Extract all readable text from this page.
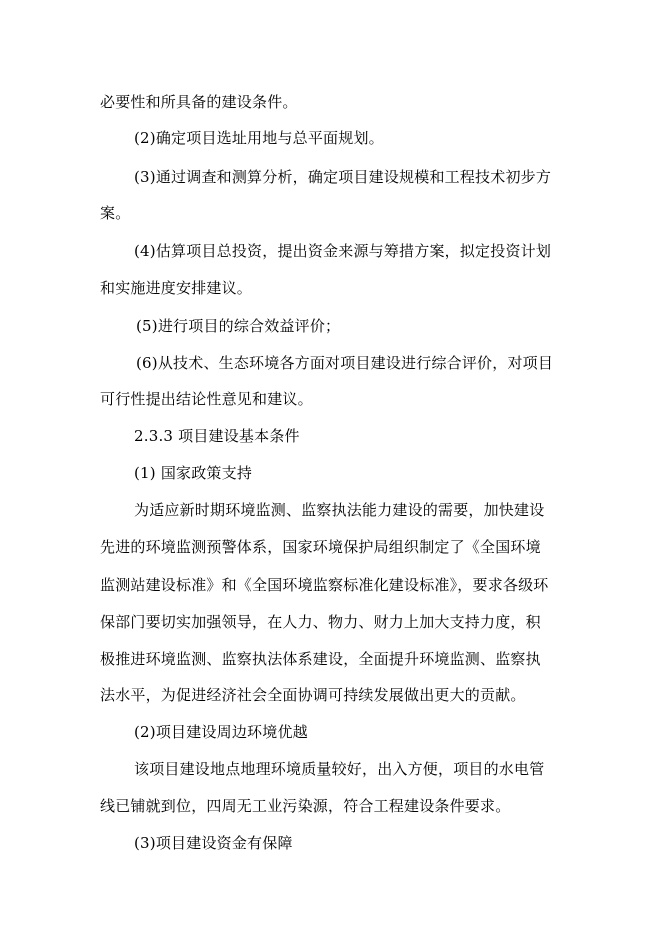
必要性和所具备的建设条件。
(2)确定项目选址用地与总平面规划。
(3)通过调查和测算分析，确定项目建设规模和工程技术初步方
案。
(4)估算项目总投资，提出资金来源与筹措方案，拟定投资计划
和实施进度安排建议。
(5)进行项目的综合效益评价；
(6)从技术、生态环境各方面对项目建设进行综合评价，对项目
可行性提出结论性意见和建议。
2.3.3 项目建设基本条件
(1) 国家政策支持
为适应新时期环境监测、监察执法能力建设的需要，加快建设
先进的环境监测预警体系，国家环境保护局组织制定了《全国环境
监测站建设标准》和《全国环境监察标准化建设标准》，要求各级环
保部门要切实加强领导，在人力、物力、财力上加大支持力度，积
极推进环境监测、监察执法体系建设，全面提升环境监测、监察执
法水平，为促进经济社会全面协调可持续发展做出更大的贡献。
(2)项目建设周边环境优越
该项目建设地点地理环境质量较好，出入方便，项目的水电管
线已铺就到位，四周无工业污染源，符合工程建设条件要求。
(3)项目建设资金有保障
